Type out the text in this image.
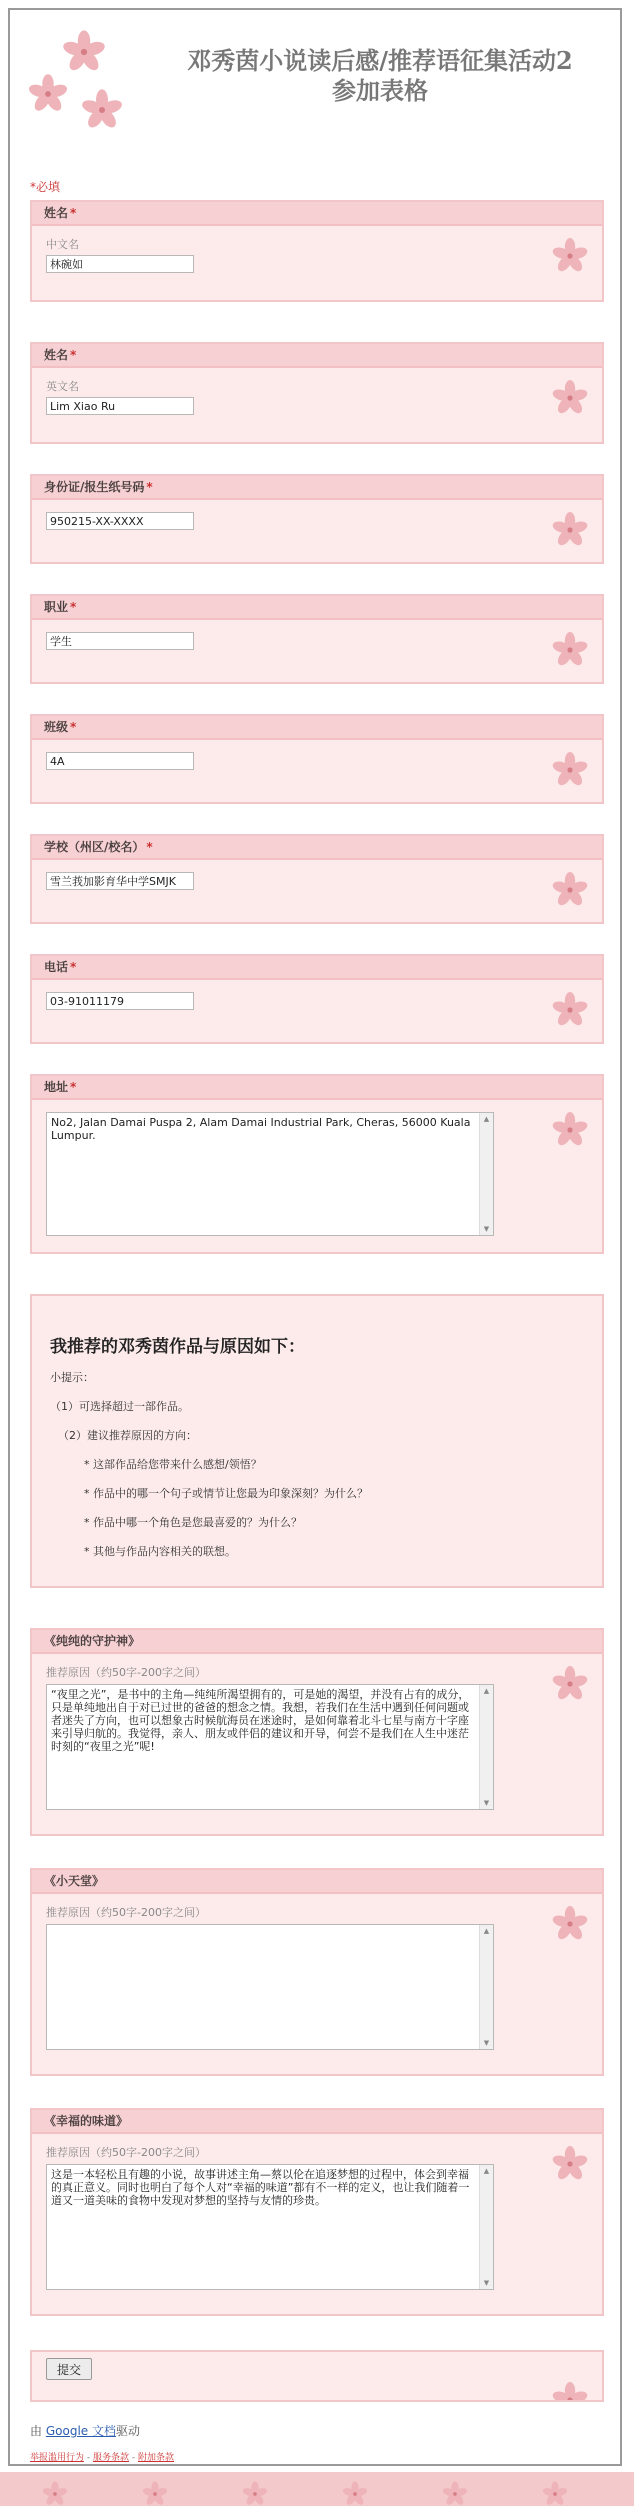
邓秀茵小说读后感/推荐语征集活动2
参加表格
*必填
姓名 *
中文名
林碗如
姓名 *
英文名
Lim Xiao Ru
身份证/报生纸号码 *
950215-XX-XXXX
职业 *
学生
班级 *
4A
学校（州区/校名） *
雪兰莪加影育华中学SMJK
电话 *
03-91011179
地址 *
No2, Jalan Damai Puspa 2, Alam Damai Industrial Park, Cheras, 56000 Kuala Lumpur.
▲
▼
我推荐的邓秀茵作品与原因如下：
小提示：
（1）可选择超过一部作品。
（2）建议推荐原因的方向：
* 这部作品给您带来什么感想/领悟？
* 作品中的哪一个句子或情节让您最为印象深刻？为什么？
* 作品中哪一个角色是您最喜爱的？为什么？
* 其他与作品内容相关的联想。
《纯纯的守护神》
推荐原因（约50字-200字之间）
“夜里之光”，是书中的主角—纯纯所渴望拥有的，可是她的渴望，并没有占有的成分，只是单纯地出自于对已过世的爸爸的想念之情。我想，若我们在生活中遇到任何问题或者迷失了方向，也可以想象古时候航海员在迷途时，是如何靠着北斗七星与南方十字座来引导归航的。我觉得，亲人、朋友或伴侣的建议和开导，何尝不是我们在人生中迷茫时刻的“夜里之光”呢!
▲
▼
《小天堂》
推荐原因（约50字-200字之间）
▲
▼
《幸福的味道》
推荐原因（约50字-200字之间）
这是一本轻松且有趣的小说，故事讲述主角—蔡以伦在追逐梦想的过程中，体会到幸福的真正意义。同时也明白了每个人对“幸福的味道”都有不一样的定义，也让我们随着一道又一道美味的食物中发现对梦想的坚持与友情的珍贵。
▲
▼
提交
由 Google 文档驱动
举报滥用行为 - 服务条款 - 附加条款
